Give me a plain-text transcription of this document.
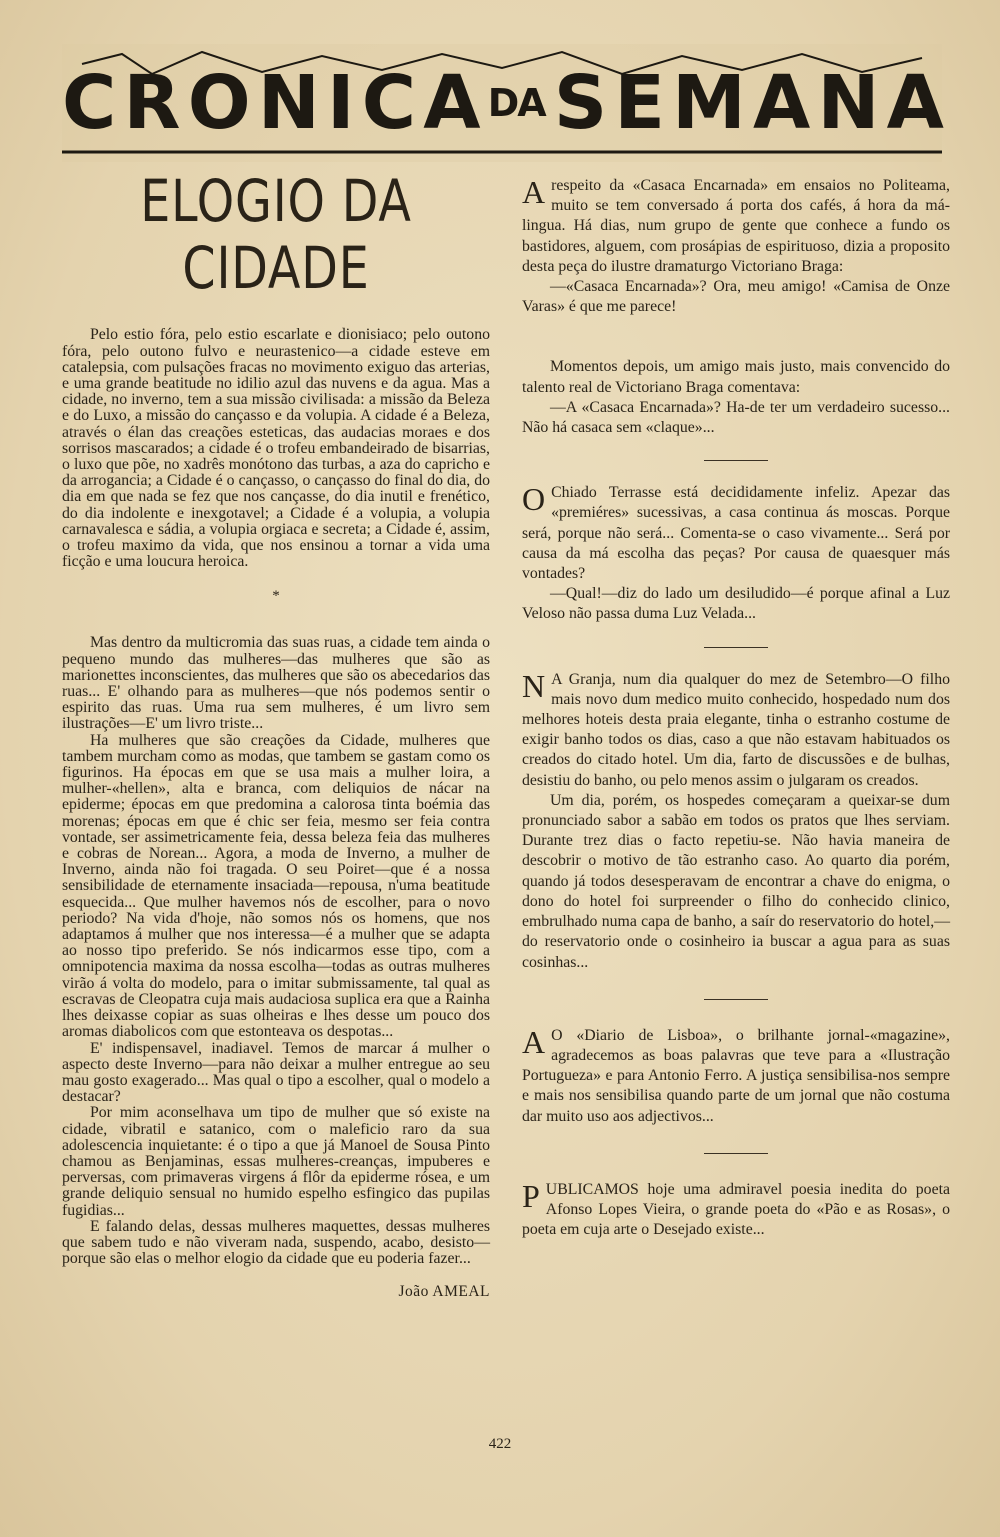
C R O N I C A DA S E M A N A
ELOGIO DA CIDADE

Pelo estio fóra, pelo estio escarlate e dionisiaco; pelo outono fóra, pelo outono fulvo e neurastenico—a cidade esteve em catalepsia, com pulsações fracas no movimento exiguo das arterias, e uma grande beatitude no idilio azul das nuvens e da agua. Mas a cidade, no inverno, tem a sua missão civilisada: a missão da Beleza e do Luxo, a missão do cançasso e da volupia. A cidade é a Beleza, através o élan das creações esteticas, das audacias moraes e dos sorrisos mascarados; a cidade é o trofeu embandeirado de bisarrias, o luxo que põe, no xadrês monótono das turbas, a aza do capricho e da arrogancia; a Cidade é o cançasso, o cançasso do final do dia, do dia em que nada se fez que nos cançasse, do dia inutil e frenético, do dia indolente e inexgotavel; a Cidade é a volupia, a volupia carnavalesca e sádia, a volupia orgiaca e secreta; a Cidade é, assim, o trofeu maximo da vida, que nos ensinou a tornar a vida uma ficção e uma loucura heroica.

*

Mas dentro da multicromia das suas ruas, a cidade tem ainda o pequeno mundo das mulheres—das mulheres que são as marionettes inconscientes, das mulheres que são os abecedarios das ruas... E' olhando para as mulheres—que nós podemos sentir o espirito das ruas. Uma rua sem mulheres, é um livro sem ilustrações—E' um livro triste...

Ha mulheres que são creações da Cidade, mulheres que tambem murcham como as modas, que tambem se gastam como os figurinos. Ha épocas em que se usa mais a mulher loira, a mulher-«hellen», alta e branca, com deliquios de nácar na epiderme; épocas em que predomina a calorosa tinta boémia das morenas; épocas em que é chic ser feia, mesmo ser feia contra vontade, ser assimetricamente feia, dessa beleza feia das mulheres e cobras de Norean... Agora, a moda de Inverno, a mulher de Inverno, ainda não foi tragada. O seu Poiret—que é a nossa sensibilidade de eternamente insaciada—repousa, n'uma beatitude esquecida... Que mulher havemos nós de escolher, para o novo periodo? Na vida d'hoje, não somos nós os homens, que nos adaptamos á mulher que nos interessa—é a mulher que se adapta ao nosso tipo preferido. Se nós indicarmos esse tipo, com a omnipotencia maxima da nossa escolha—todas as outras mulheres virão á volta do modelo, para o imitar submissamente, tal qual as escravas de Cleopatra cuja mais audaciosa suplica era que a Rainha lhes deixasse copiar as suas olheiras e lhes desse um pouco dos aromas diabolicos com que estonteava os despotas...

E' indispensavel, inadiavel. Temos de marcar á mulher o aspecto deste Inverno—para não deixar a mulher entregue ao seu mau gosto exagerado... Mas qual o tipo a escolher, qual o modelo a destacar?

Por mim aconselhava um tipo de mulher que só existe na cidade, vibratil e satanico, com o maleficio raro da sua adolescencia inquietante: é o tipo a que já Manoel de Sousa Pinto chamou as Benjaminas, essas mulheres-creanças, impuberes e perversas, com primaveras virgens á flôr da epiderme rósea, e um grande deliquio sensual no humido espelho esfingico das pupilas fugidias...

E falando delas, dessas mulheres maquettes, dessas mulheres que sabem tudo e não viveram nada, suspendo, acabo, desisto—porque são elas o melhor elogio da cidade que eu poderia fazer...

João AMEAL
A respeito da «Casaca Encarnada» em ensaios no Politeama, muito se tem conversado á porta dos cafés, á hora da má-lingua. Há dias, num grupo de gente que conhece a fundo os bastidores, alguem, com prosápias de espirituoso, dizia a proposito desta peça do ilustre dramaturgo Victoriano Braga:

—«Casaca Encarnada»? Ora, meu amigo! «Camisa de Onze Varas» é que me parece!

Momentos depois, um amigo mais justo, mais convencido do talento real de Victoriano Braga comentava:

—A «Casaca Encarnada»? Ha-de ter um verdadeiro sucesso... Não há casaca sem «claque»...

O Chiado Terrasse está decididamente infeliz. Apezar das «premiéres» sucessivas, a casa continua ás moscas. Porque será, porque não será... Comenta-se o caso vivamente... Será por causa da má escolha das peças? Por causa de quaesquer más vontades?

—Qual!—diz do lado um desiludido—é porque afinal a Luz Veloso não passa duma Luz Velada...

N A Granja, num dia qualquer do mez de Setembro—O filho mais novo dum medico muito conhecido, hospedado num dos melhores hoteis desta praia elegante, tinha o estranho costume de exigir banho todos os dias, caso a que não estavam habituados os creados do citado hotel. Um dia, farto de discussões e de bulhas, desistiu do banho, ou pelo menos assim o julgaram os creados.

Um dia, porém, os hospedes começaram a queixar-se dum pronunciado sabor a sabão em todos os pratos que lhes serviam. Durante trez dias o facto repetiu-se. Não havia maneira de descobrir o motivo de tão estranho caso. Ao quarto dia porém, quando já todos desesperavam de encontrar a chave do enigma, o dono do hotel foi surpreender o filho do conhecido clinico, embrulhado numa capa de banho, a saír do reservatorio do hotel,—do reservatorio onde o cosinheiro ia buscar a agua para as suas cosinhas...

A O «Diario de Lisboa», o brilhante jornal-«magazine», agradecemos as boas palavras que teve para a «Ilustração Portugueza» e para Antonio Ferro. A justiça sensibilisa-nos sempre e mais nos sensibilisa quando parte de um jornal que não costuma dar muito uso aos adjectivos...

P UBLICAMOS hoje uma admiravel poesia inedita do poeta Afonso Lopes Vieira, o grande poeta do «Pão e as Rosas», o poeta em cuja arte o Desejado existe...

422
